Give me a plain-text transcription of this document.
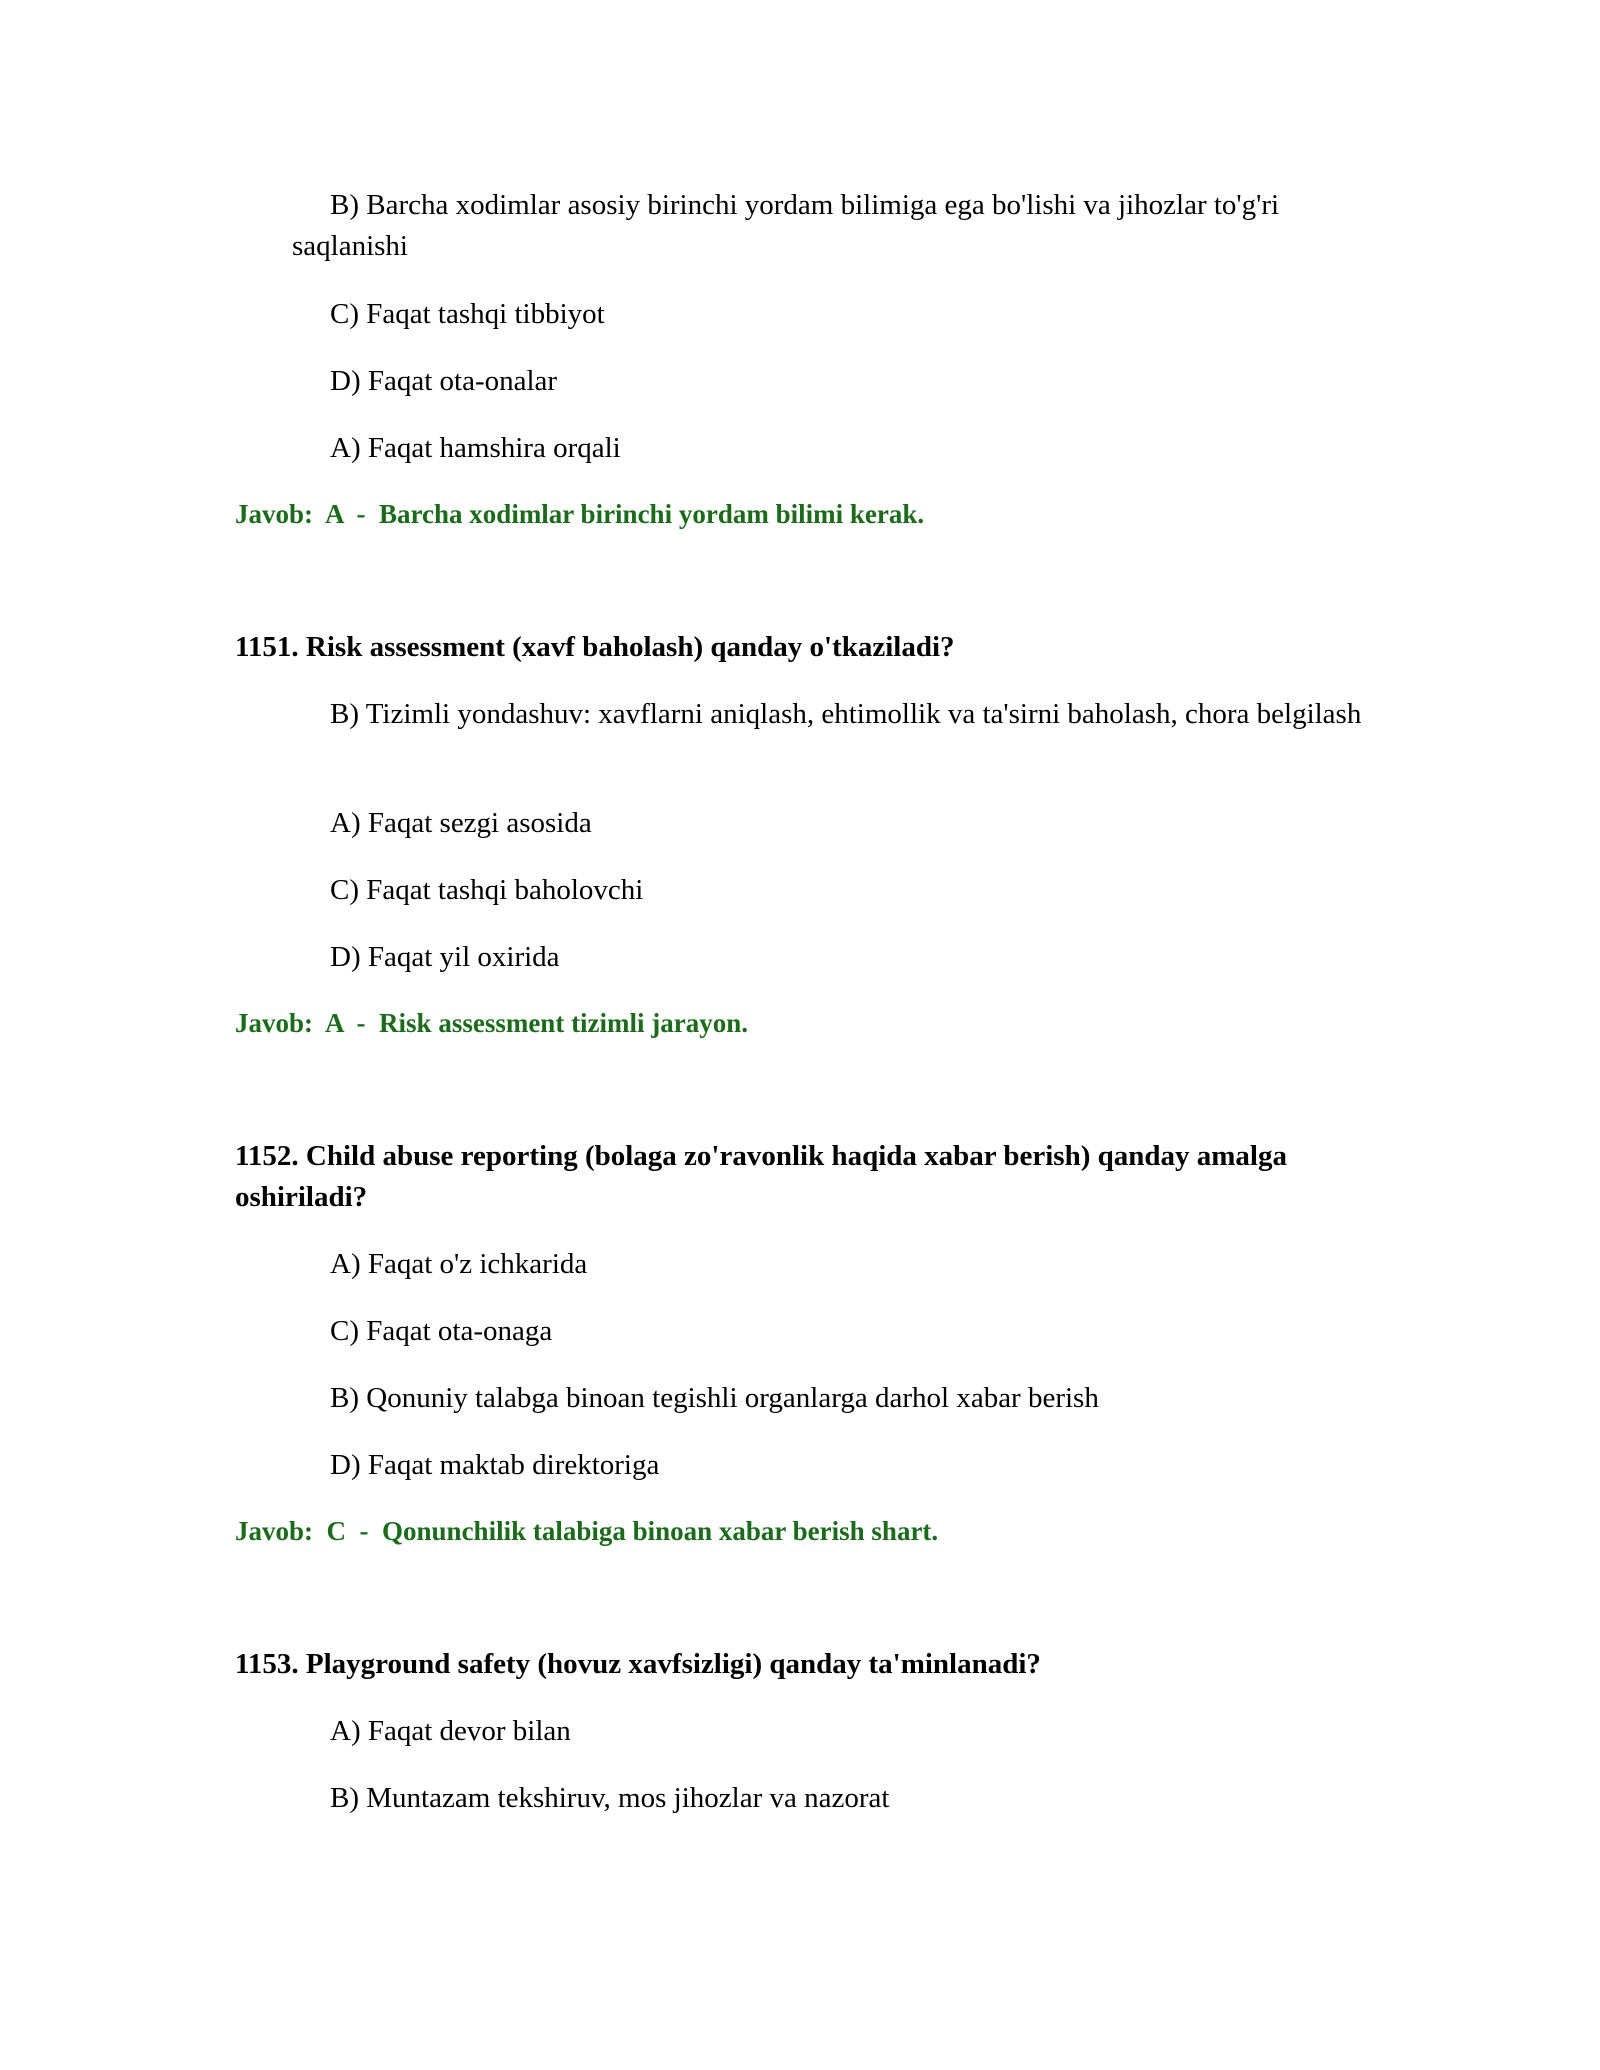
B) Barcha xodimlar asosiy birinchi yordam bilimiga ega bo'lishi va jihozlar to'g'ri saqlanishi

C) Faqat tashqi tibbiyot

D) Faqat ota-onalar

A) Faqat hamshira orqali

Javob: A - Barcha xodimlar birinchi yordam bilimi kerak.

1151. Risk assessment (xavf baholash) qanday o'tkaziladi?

B) Tizimli yondashuv: xavflarni aniqlash, ehtimollik va ta'sirni baholash, chora belgilash

A) Faqat sezgi asosida

C) Faqat tashqi baholovchi

D) Faqat yil oxirida

Javob: A - Risk assessment tizimli jarayon.

1152. Child abuse reporting (bolaga zo'ravonlik haqida xabar berish) qanday amalga oshiriladi?

A) Faqat o'z ichkarida

C) Faqat ota-onaga

B) Qonuniy talabga binoan tegishli organlarga darhol xabar berish

D) Faqat maktab direktoriga

Javob: C - Qonunchilik talabiga binoan xabar berish shart.

1153. Playground safety (hovuz xavfsizligi) qanday ta'minlanadi?

A) Faqat devor bilan

B) Muntazam tekshiruv, mos jihozlar va nazorat
